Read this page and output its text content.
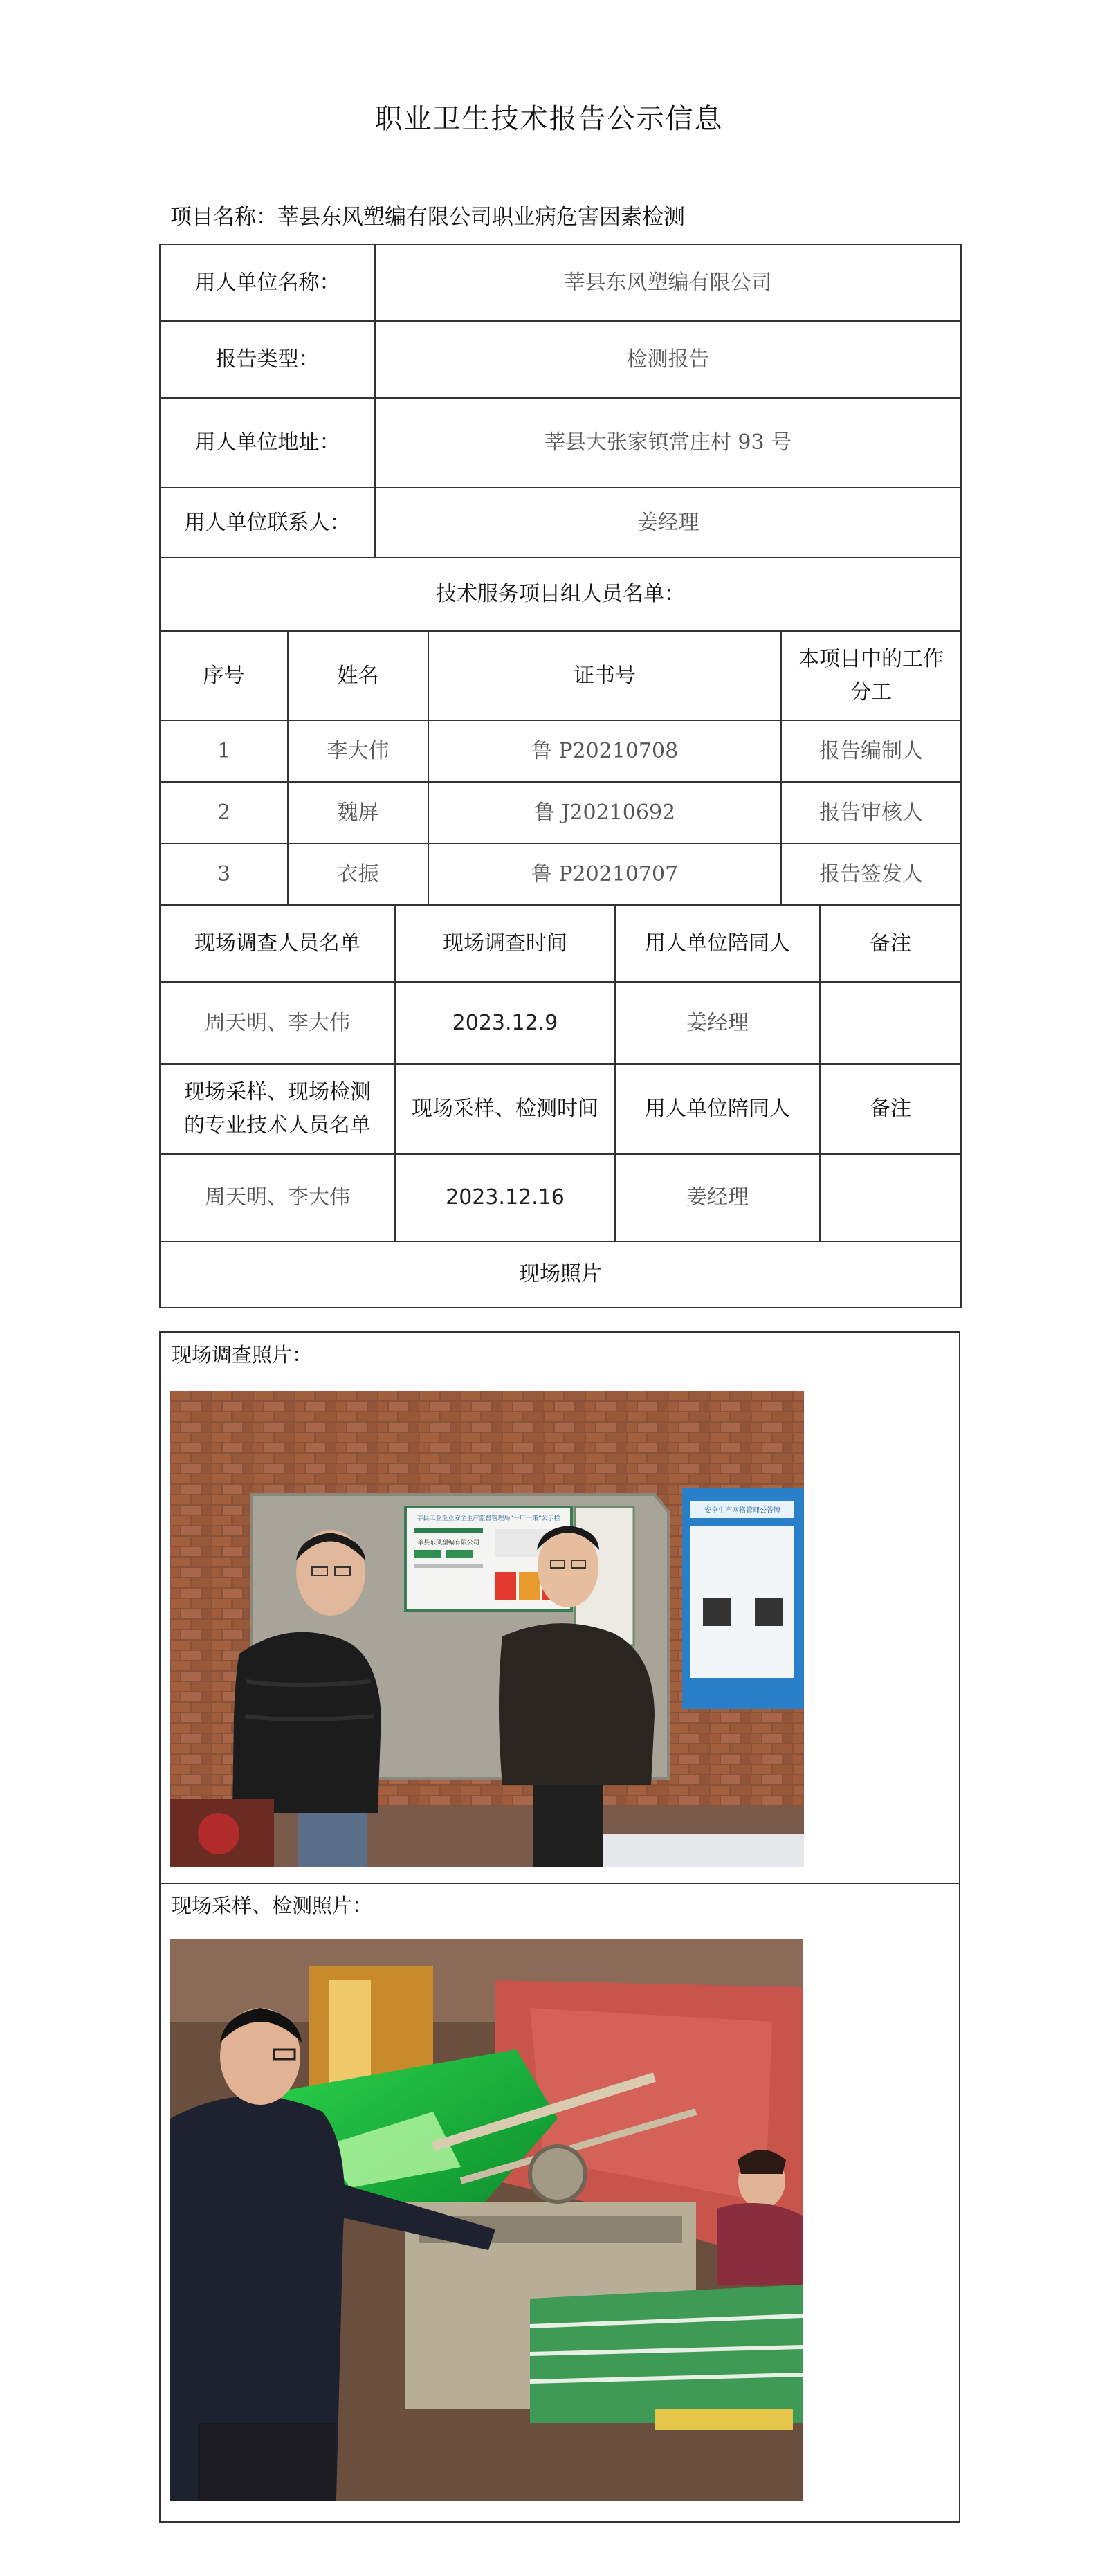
职业卫生技术报告公示信息
项目名称：莘县东风塑编有限公司职业病危害因素检测
用人单位名称：	莘县东风塑编有限公司
报告类型：	检测报告
用人单位地址：	莘县大张家镇常庄村 93 号
用人单位联系人：	姜经理
技术服务项目组人员名单：			
序号	姓名	证书号	本项目中的工作
分工
1	李大伟	鲁 P20210708	报告编制人
2	魏屏	鲁 J20210692	报告审核人
3	衣振	鲁 P20210707	报告签发人
现场调查人员名单	现场调查时间	用人单位陪同人	备注
周天明、李大伟	2023.12.9	姜经理	
现场采样、现场检测
的专业技术人员名单	现场采样、检测时间	用人单位陪同人	备注
周天明、李大伟	2023.12.16	姜经理	
现场照片			
现场调查照片：
莘县工业企业安全生产监督管理局“一厂一策”公示栏
莘县东风塑编有限公司
安全生产网格管理公告牌
现场采样、检测照片：
